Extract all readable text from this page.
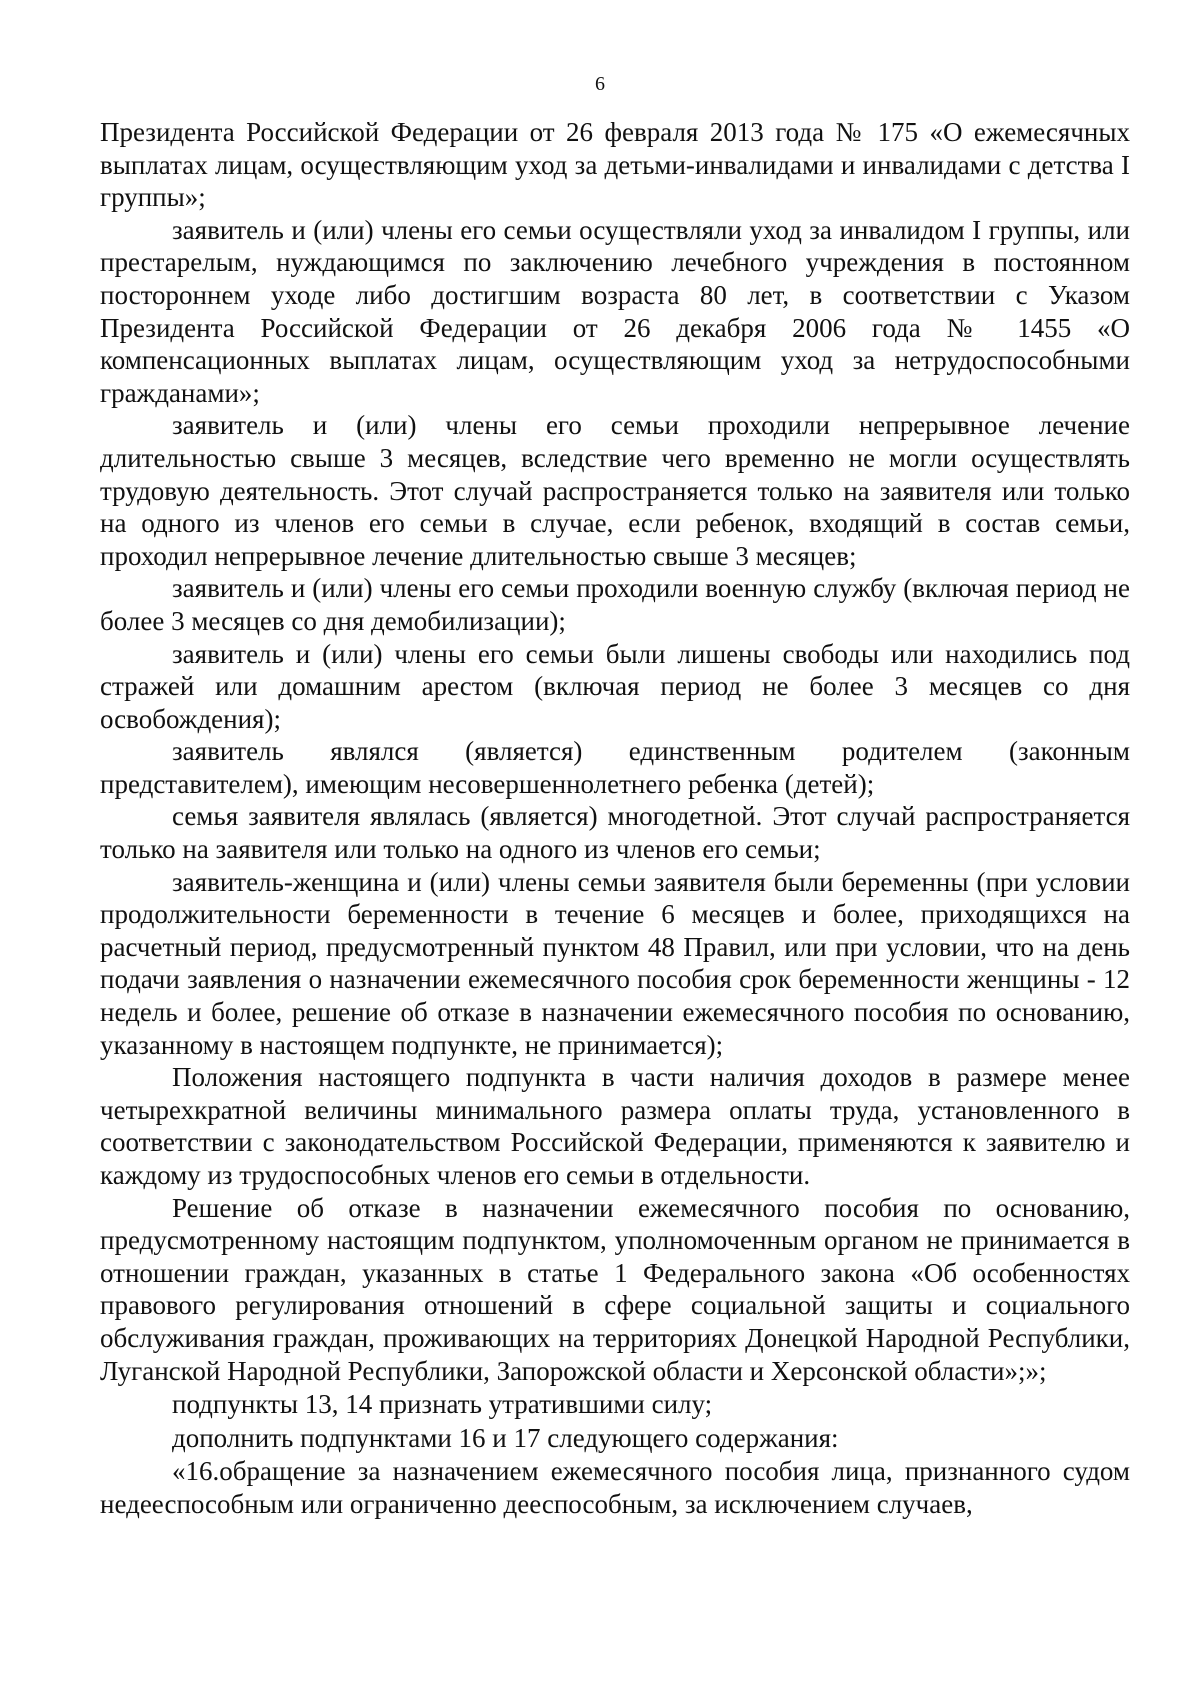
6

Президента Российской Федерации от 26 февраля 2013 года № 175 «О ежемесячных выплатах лицам, осуществляющим уход за детьми-инвалидами и инвалидами с детства I группы»;

заявитель и (или) члены его семьи осуществляли уход за инвалидом I группы, или престарелым, нуждающимся по заключению лечебного учреждения в постоянном постороннем уходе либо достигшим возраста 80 лет, в соответствии с Указом Президента Российской Федерации от 26 декабря 2006 года № 1455 «О компенсационных выплатах лицам, осуществляющим уход за нетрудоспособными гражданами»;

заявитель и (или) члены его семьи проходили непрерывное лечение длительностью свыше 3 месяцев, вследствие чего временно не могли осуществлять трудовую деятельность. Этот случай распространяется только на заявителя или только на одного из членов его семьи в случае, если ребенок, входящий в состав семьи, проходил непрерывное лечение длительностью свыше 3 месяцев;

заявитель и (или) члены его семьи проходили военную службу (включая период не более 3 месяцев со дня демобилизации);

заявитель и (или) члены его семьи были лишены свободы или находились под стражей или домашним арестом (включая период не более 3 месяцев со дня освобождения);

заявитель являлся (является) единственным родителем (законным представителем), имеющим несовершеннолетнего ребенка (детей);

семья заявителя являлась (является) многодетной. Этот случай распространяется только на заявителя или только на одного из членов его семьи;

заявитель-женщина и (или) члены семьи заявителя были беременны (при условии продолжительности беременности в течение 6 месяцев и более, приходящихся на расчетный период, предусмотренный пунктом 48 Правил, или при условии, что на день подачи заявления о назначении ежемесячного пособия срок беременности женщины - 12 недель и более, решение об отказе в назначении ежемесячного пособия по основанию, указанному в настоящем подпункте, не принимается);

Положения настоящего подпункта в части наличия доходов в размере менее четырехкратной величины минимального размера оплаты труда, установленного в соответствии с законодательством Российской Федерации, применяются к заявителю и каждому из трудоспособных членов его семьи в отдельности.

Решение об отказе в назначении ежемесячного пособия по основанию, предусмотренному настоящим подпунктом, уполномоченным органом не принимается в отношении граждан, указанных в статье 1 Федерального закона «Об особенностях правового регулирования отношений в сфере социальной защиты и социального обслуживания граждан, проживающих на территориях Донецкой Народной Республики, Луганской Народной Республики, Запорожской области и Херсонской области»;»;

подпункты 13, 14 признать утратившими силу;

дополнить подпунктами 16 и 17 следующего содержания:

«16.обращение за назначением ежемесячного пособия лица, признанного судом недееспособным или ограниченно дееспособным, за исключением случаев,
